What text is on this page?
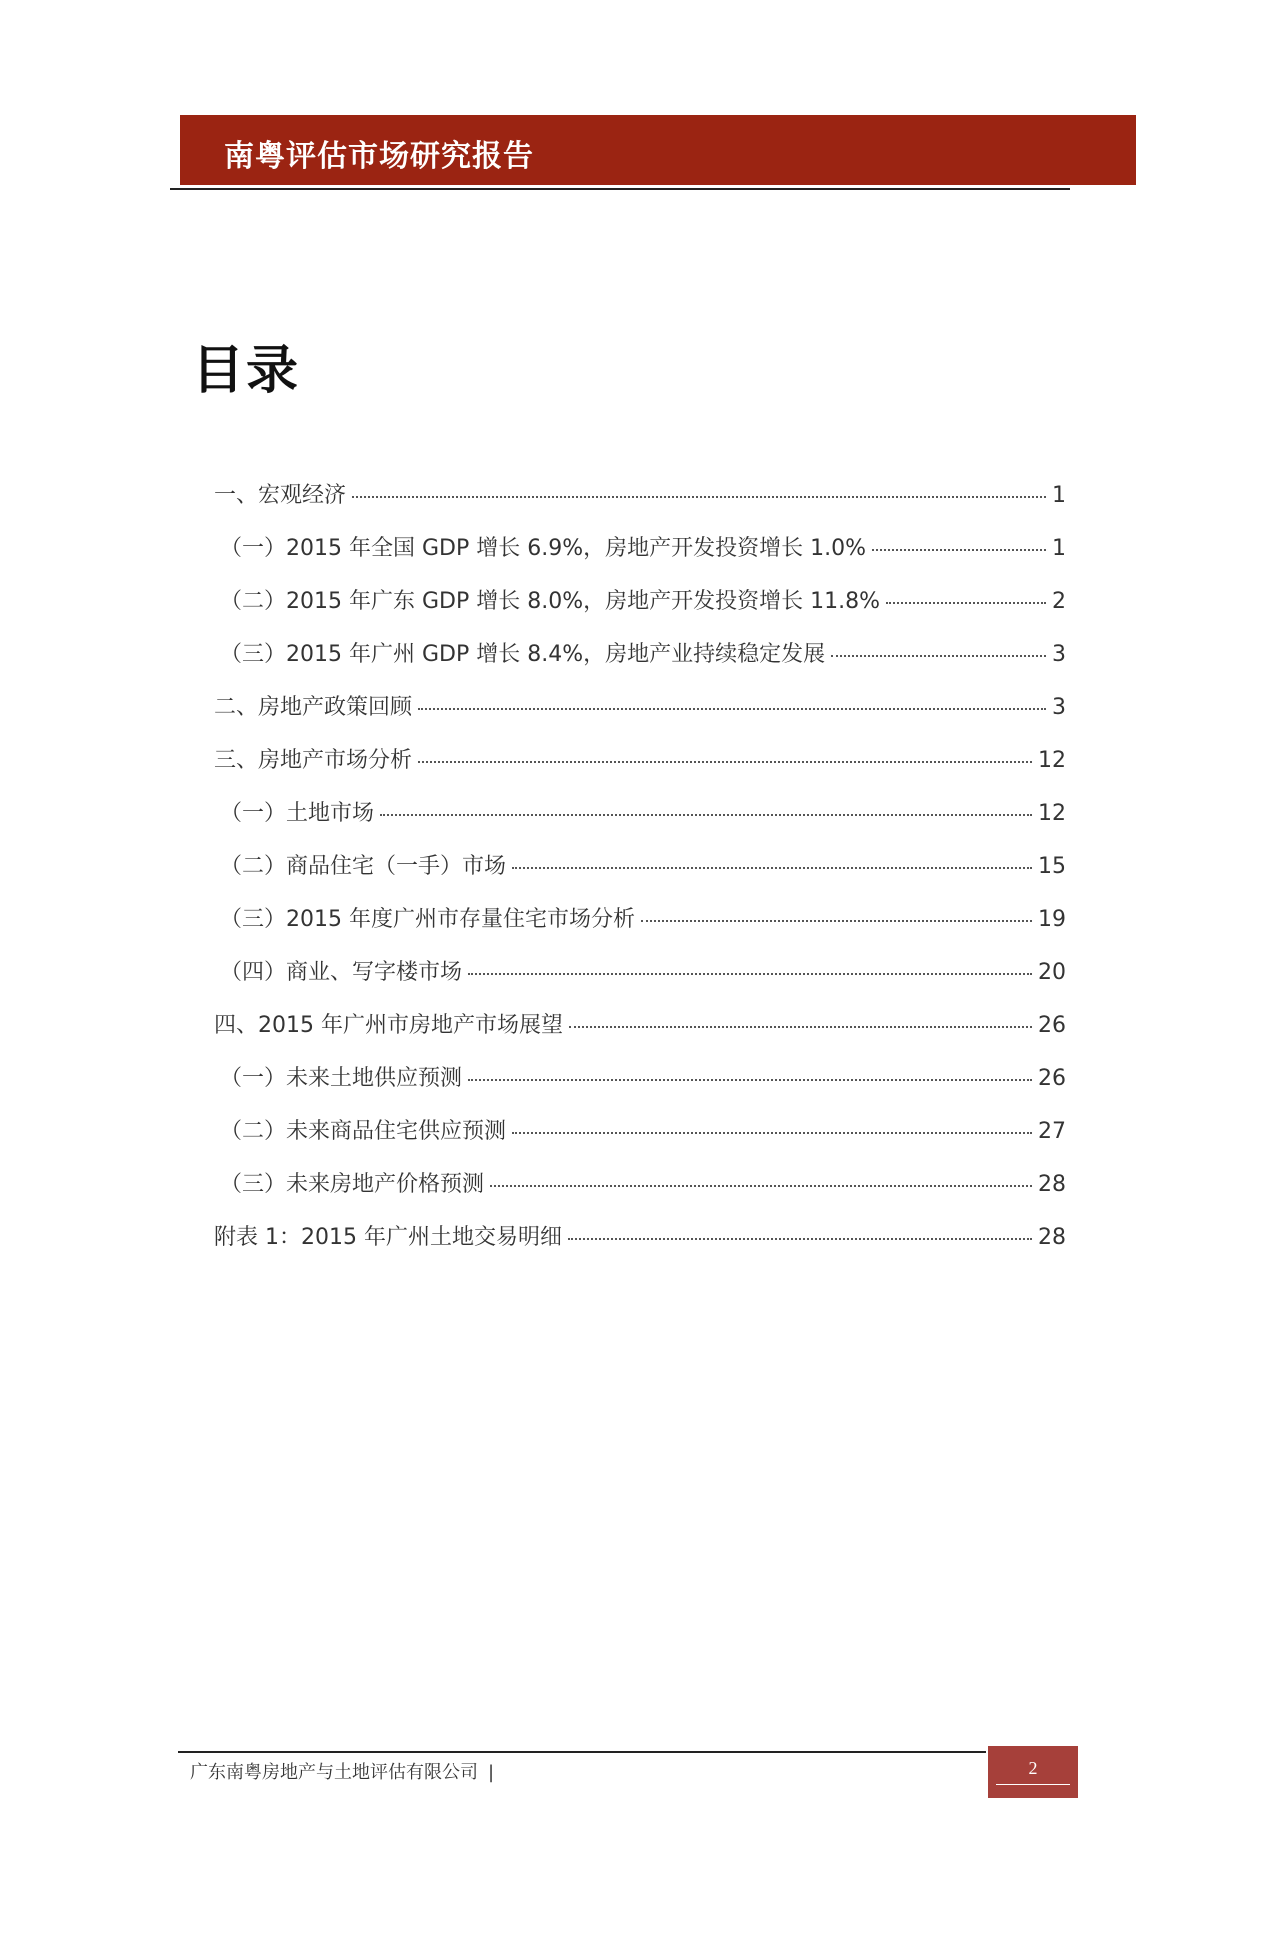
南粤评估市场研究报告
目录
一、宏观经济	1
（一）2015 年全国 GDP 增长 6.9%，房地产开发投资增长 1.0%	1
（二）2015 年广东 GDP 增长 8.0%，房地产开发投资增长 11.8%	2
（三）2015 年广州 GDP 增长 8.4%，房地产业持续稳定发展	3
二、房地产政策回顾	3
三、房地产市场分析	12
（一）土地市场	12
（二）商品住宅（一手）市场	15
（三）2015 年度广州市存量住宅市场分析	19
（四）商业、写字楼市场	20
四、2015 年广州市房地产市场展望	26
（一）未来土地供应预测	26
（二）未来商品住宅供应预测	27
（三）未来房地产价格预测	28
附表 1：2015 年广州土地交易明细	28
广东南粤房地产与土地评估有限公司 |	2
